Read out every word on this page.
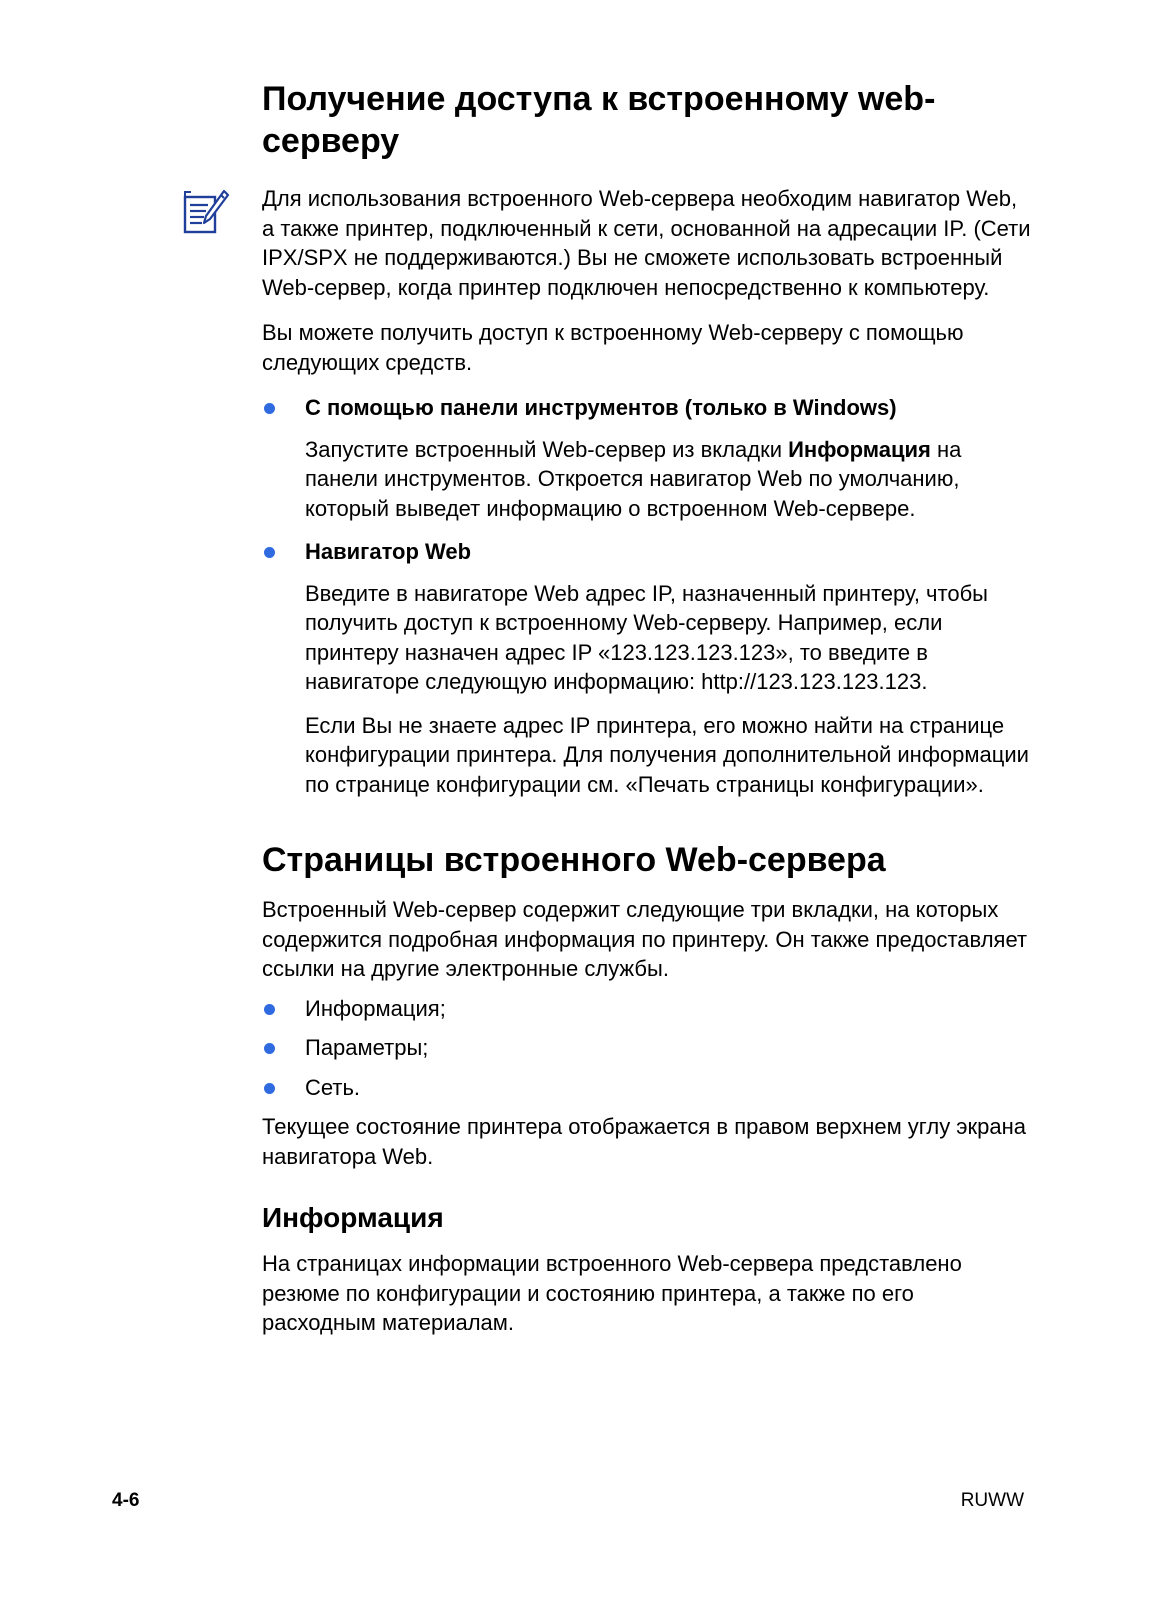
Получение доступа к встроенному web-серверу

Для использования встроенного Web-сервера необходим навигатор Web, а также принтер, подключенный к сети, основанной на адресации IP. (Сети IPX/SPX не поддерживаются.) Вы не сможете использовать встроенный Web-сервер, когда принтер подключен непосредственно к компьютеру.

Вы можете получить доступ к встроенному Web-серверу с помощью следующих средств.

С помощью панели инструментов (только в Windows)

Запустите встроенный Web-сервер из вкладки Информация на панели инструментов. Откроется навигатор Web по умолчанию, который выведет информацию о встроенном Web-сервере.

Навигатор Web

Введите в навигаторе Web адрес IP, назначенный принтеру, чтобы получить доступ к встроенному Web-серверу. Например, если принтеру назначен адрес IP «123.123.123.123», то введите в навигаторе следующую информацию: http://123.123.123.123.

Если Вы не знаете адрес IP принтера, его можно найти на странице конфигурации принтера. Для получения дополнительной информации по странице конфигурации см. «Печать страницы конфигурации».

Страницы встроенного Web-сервера

Встроенный Web-сервер содержит следующие три вкладки, на которых содержится подробная информация по принтеру. Он также предоставляет ссылки на другие электронные службы.

Информация;
Параметры;
Сеть.

Текущее состояние принтера отображается в правом верхнем углу экрана навигатора Web.

Информация

На страницах информации встроенного Web-сервера представлено резюме по конфигурации и состоянию принтера, а также по его расходным материалам.

4-6	RUWW
